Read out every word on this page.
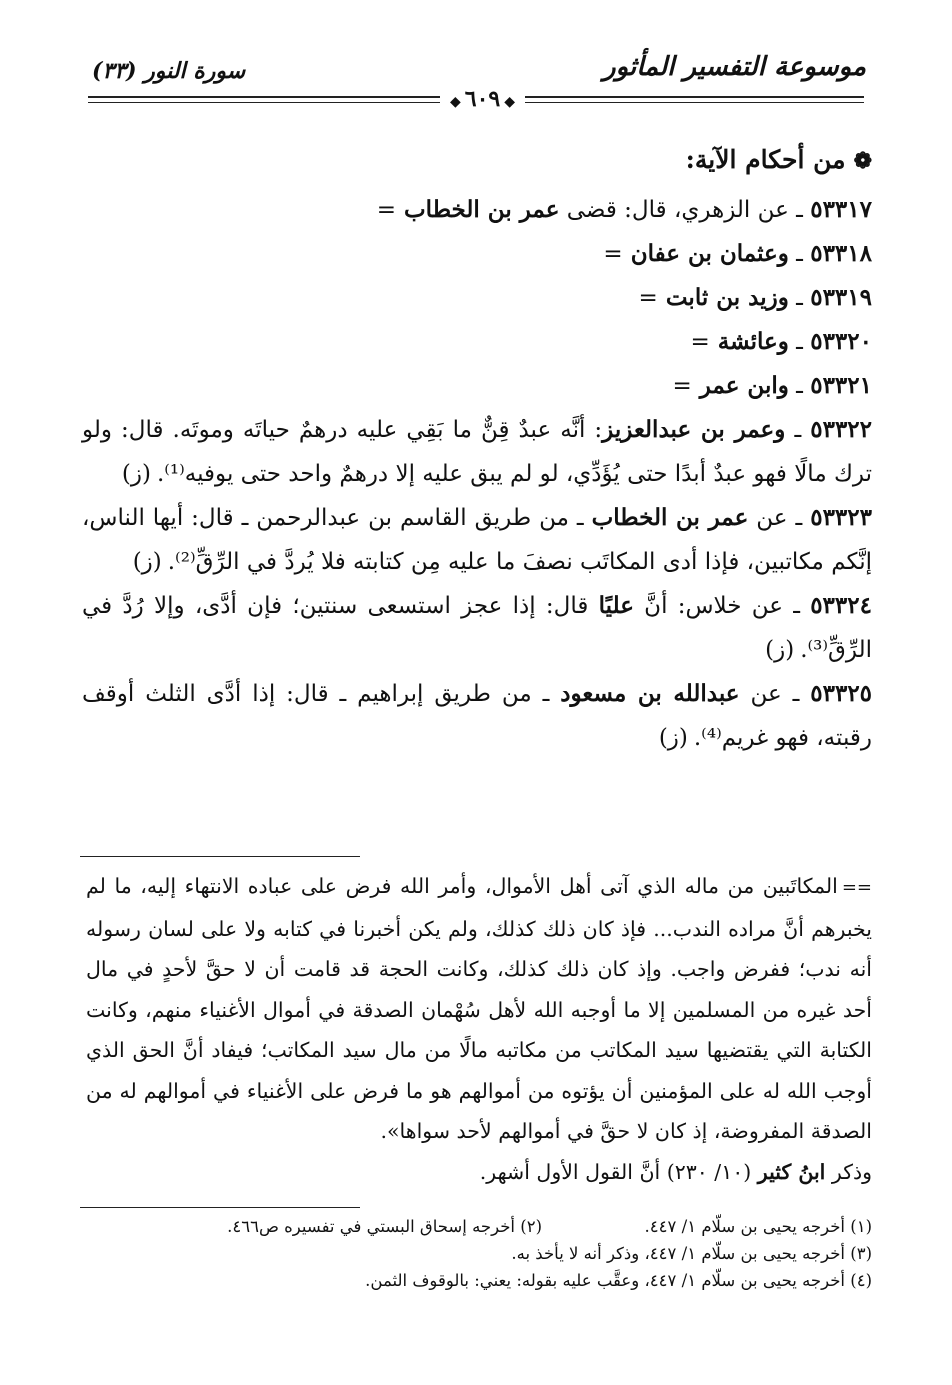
موسوعة التفسير المأثور
سورة النور (٣٣)
◆٦٠٩◆
❁من أحكام الآية:
٥٣٣١٧ ـ عن الزهري، قال: قضى عمر بن الخطاب=
٥٣٣١٨ ـ وعثمان بن عفان=
٥٣٣١٩ ـ وزيد بن ثابت=
٥٣٣٢٠ ـ وعائشة=
٥٣٣٢١ ـ وابن عمر=
٥٣٣٢٢ ـ وعمر بن عبدالعزيز: أنَّه عبدٌ قِنٌّ ما بَقِي عليه درهمٌ حياتَه وموتَه. قال: ولو ترك مالًا فهو عبدٌ أبدًا حتى يُؤَدِّي، لو لم يبق عليه إلا درهمٌ واحد حتى يوفيه⁽¹⁾.(ز)
٥٣٣٢٣ ـ عن عمر بن الخطاب ـ من طريق القاسم بن عبدالرحمن ـ قال: أيها الناس، إنَّكم مكاتبين، فإذا أدى المكاتَب نصفَ ما عليه مِن كتابته فلا يُردَّ في الرِّقِّ⁽²⁾.(ز)
٥٣٣٢٤ ـ عن خلاس: أنَّ عليًا قال: إذا عجز استسعى سنتين؛ فإن أدَّى، وإلا رُدَّ في الرِّقِّ⁽³⁾.(ز)
٥٣٣٢٥ ـ عن عبدالله بن مسعود ـ من طريق إبراهيم ـ قال: إذا أدَّى الثلث أوقف رقبته، فهو غريم⁽⁴⁾.(ز)

==المكاتَبين من ماله الذي آتى أهل الأموال، وأمر الله فرض على عباده الانتهاء إليه، ما لم يخبرهم أنَّ مراده الندب... فإذ كان ذلك كذلك، ولم يكن أخبرنا في كتابه ولا على لسان رسوله أنه ندب؛ ففرض واجب. وإذ كان ذلك كذلك، وكانت الحجة قد قامت أن لا حقَّ لأحدٍ في مال أحد غيره من المسلمين إلا ما أوجبه الله لأهل سُهْمان الصدقة في أموال الأغنياء منهم، وكانت الكتابة التي يقتضيها سيد المكاتب من مكاتبه مالًا من مال سيد المكاتب؛ فيفاد أنَّ الحق الذي أوجب الله له على المؤمنين أن يؤتوه من أموالهم هو ما فرض على الأغنياء في أموالهم له من الصدقة المفروضة، إذ كان لا حقَّ في أموالهم لأحد سواها».

وذكر ابنُ كثير (١٠/ ٢٣٠) أنَّ القول الأول أشهر.

(١) أخرجه يحيى بن سلّام ١/ ٤٤٧.(٢) أخرجه إسحاق البستي في تفسيره ص٤٦٦.
(٣) أخرجه يحيى بن سلّام ١/ ٤٤٧، وذكر أنه لا يأخذ به.
(٤) أخرجه يحيى بن سلّام ١/ ٤٤٧، وعقَّب عليه بقوله: يعني: بالوقوف الثمن.
